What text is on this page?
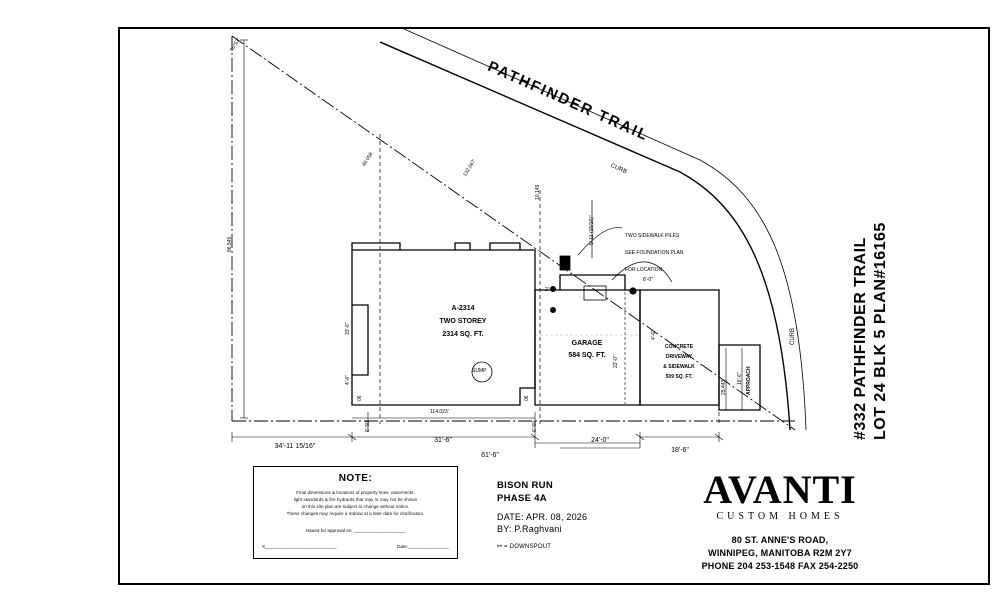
PATHFINDER TRAIL
CURB
CURB
86.545
48.058
95°57'
132.067'
10.145
5'-11 (15/16)"

	TWO SIDEWALK PILES

SEE FOUNDATION PLAN

FOR LOCATION.

A-2314
TWO STOREY
2314 SQ. FT.
GARAGE
584 SQ. FT.
CONCRETE
DRIVEWAY
& SIDEWALK
509 SQ. FT.	APPROACH
SUMP
33'-6"
4'-6"
2'-0"
8'-0"
22'-0"
4'-6"
25.443
16'-6"
114.023'
6'-50	6'-50
06	06
34'-11 15/16"
31'-6"
61'-6"
24'-0"
18'-6"
#332 PATHFINDER TRAIL LOT 24 BLK 5 PLAN#16165
NOTE:
Final dimensions & locations of property lines, easements,
light standards & fire hydrants that may or may not be shown
on this site plan are subject to change without notice.
These changes may require a redraw at a later date for clarification.
Issued for approval on: ____________________
X____________________________	Date:________________
BISON RUN
PHASE 4A
DATE: APR. 08, 2026
BY: P.Raghvani
⚯ = DOWNSPOUT
AVANTI
CUSTOM HOMES
80 ST. ANNE'S ROAD,
WINNIPEG, MANITOBA R2M 2Y7
PHONE 204 253-1548 FAX 254-2250
